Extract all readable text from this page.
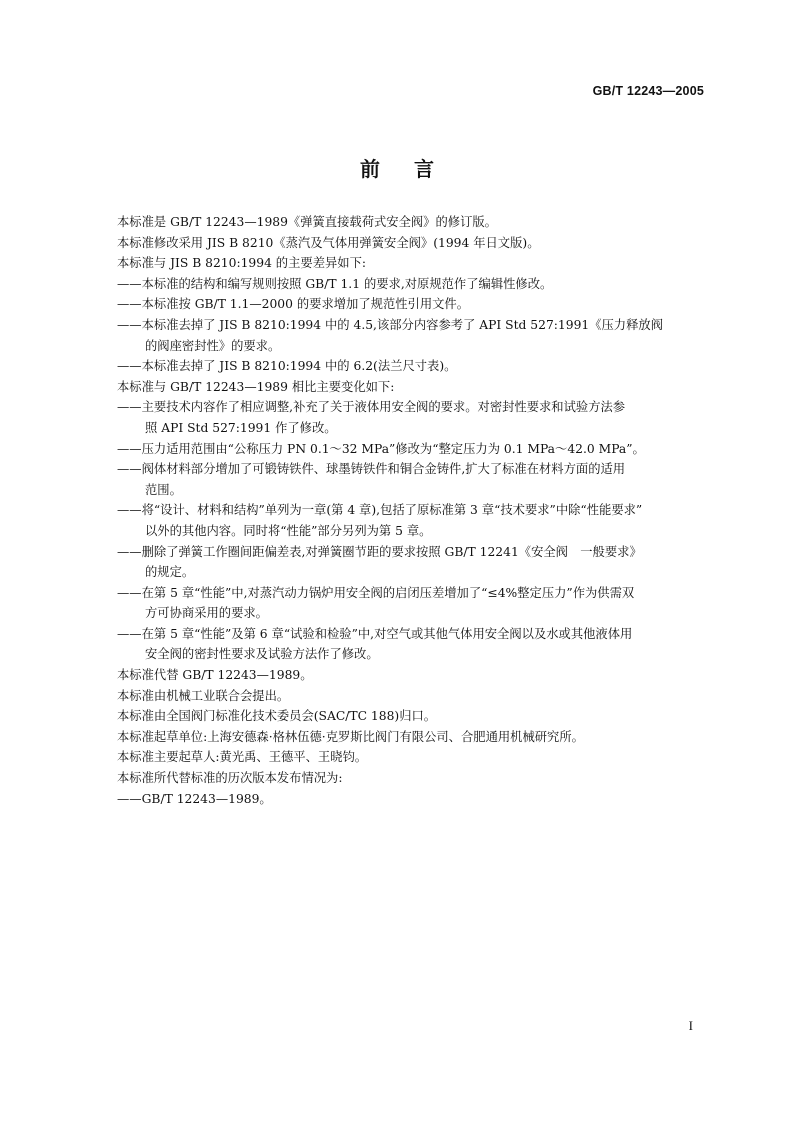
GB/T 12243—2005
前言
本标准是 GB/T 12243—1989《弹簧直接载荷式安全阀》的修订版。
本标准修改采用 JIS B 8210《蒸汽及气体用弹簧安全阀》(1994 年日文版)。
本标准与 JIS B 8210:1994 的主要差异如下:
——本标准的结构和编写规则按照 GB/T 1.1 的要求,对原规范作了编辑性修改。
——本标准按 GB/T 1.1—2000 的要求增加了规范性引用文件。
——本标准去掉了 JIS B 8210:1994 中的 4.5,该部分内容参考了 API Std 527:1991《压力释放阀
的阀座密封性》的要求。
——本标准去掉了 JIS B 8210:1994 中的 6.2(法兰尺寸表)。
本标准与 GB/T 12243—1989 相比主要变化如下:
——主要技术内容作了相应调整,补充了关于液体用安全阀的要求。对密封性要求和试验方法参
照 API Std 527:1991 作了修改。
——压力适用范围由“公称压力 PN 0.1～32 MPa”修改为“整定压力为 0.1 MPa～42.0 MPa”。
——阀体材料部分增加了可锻铸铁件、球墨铸铁件和铜合金铸件,扩大了标准在材料方面的适用
范围。
——将“设计、材料和结构”单列为一章(第 4 章),包括了原标准第 3 章“技术要求”中除“性能要求”
以外的其他内容。同时将“性能”部分另列为第 5 章。
——删除了弹簧工作圈间距偏差表,对弹簧圈节距的要求按照 GB/T 12241《安全阀　一般要求》
的规定。
——在第 5 章“性能”中,对蒸汽动力锅炉用安全阀的启闭压差增加了“≤4%整定压力”作为供需双
方可协商采用的要求。
——在第 5 章“性能”及第 6 章“试验和检验”中,对空气或其他气体用安全阀以及水或其他液体用
安全阀的密封性要求及试验方法作了修改。
本标准代替 GB/T 12243—1989。
本标准由机械工业联合会提出。
本标准由全国阀门标准化技术委员会(SAC/TC 188)归口。
本标准起草单位:上海安德森·格林伍德·克罗斯比阀门有限公司、合肥通用机械研究所。
本标准主要起草人:黄光禹、王德平、王晓钧。
本标准所代替标准的历次版本发布情况为:
——GB/T 12243—1989。
I
